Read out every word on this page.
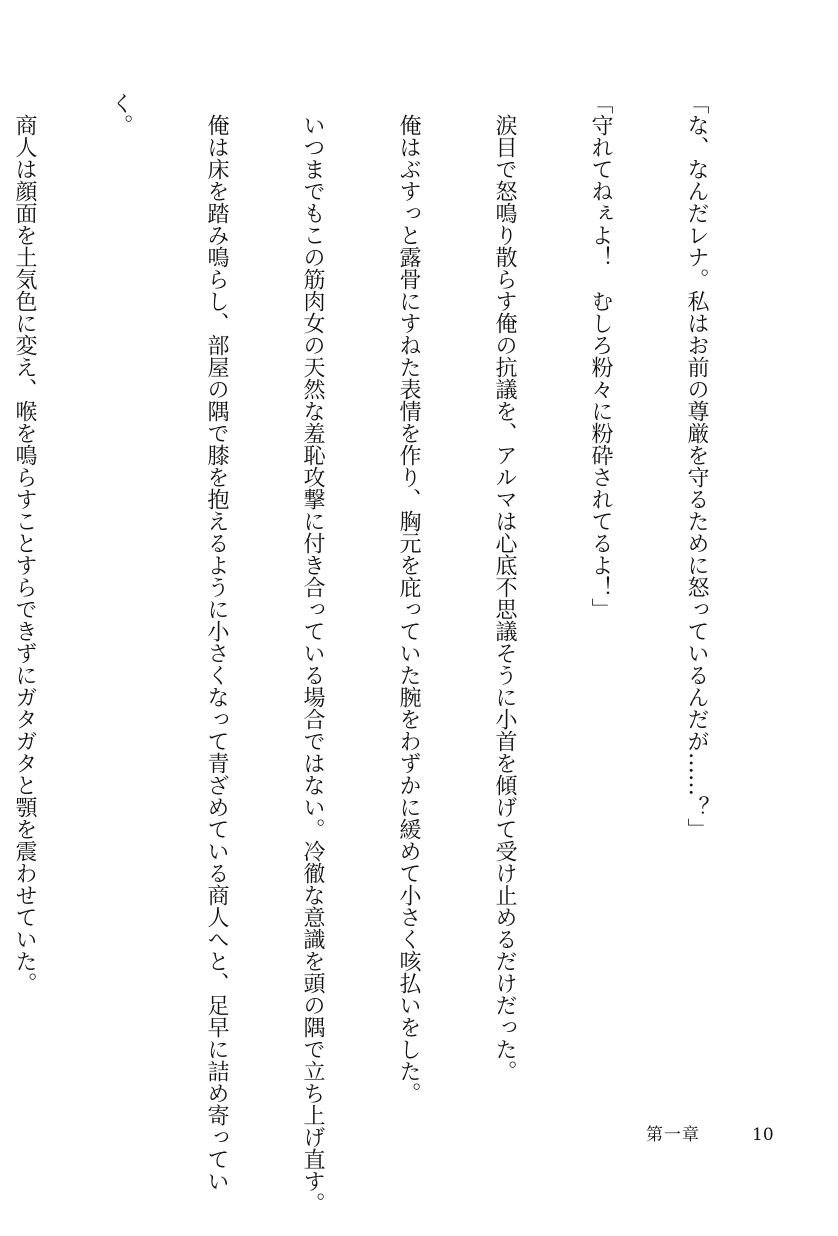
「な、なんだレナ。私はお前の尊厳を守るために怒っているんだが……？」

「守れてねぇよ！　むしろ粉々に粉砕されてるよ！」

　涙目で怒鳴り散らす俺の抗議を、アルマは心底不思議そうに小首を傾げて受け止めるだけだった。

　俺はぶすっと露骨にすねた表情を作り、胸元を庇っていた腕をわずかに緩めて小さく咳払いをした。

　いつまでもこの筋肉女の天然な羞恥攻撃に付き合っている場合ではない。冷徹な意識を頭の隅で立ち上げ直す。

　俺は床を踏み鳴らし、部屋の隅で膝を抱えるように小さくなって青ざめている商人へと、足早に詰め寄ってい

く。

　商人は顔面を土気色に変え、喉を鳴らすことすらできずにガタガタと顎を震わせていた。

第一章	10
